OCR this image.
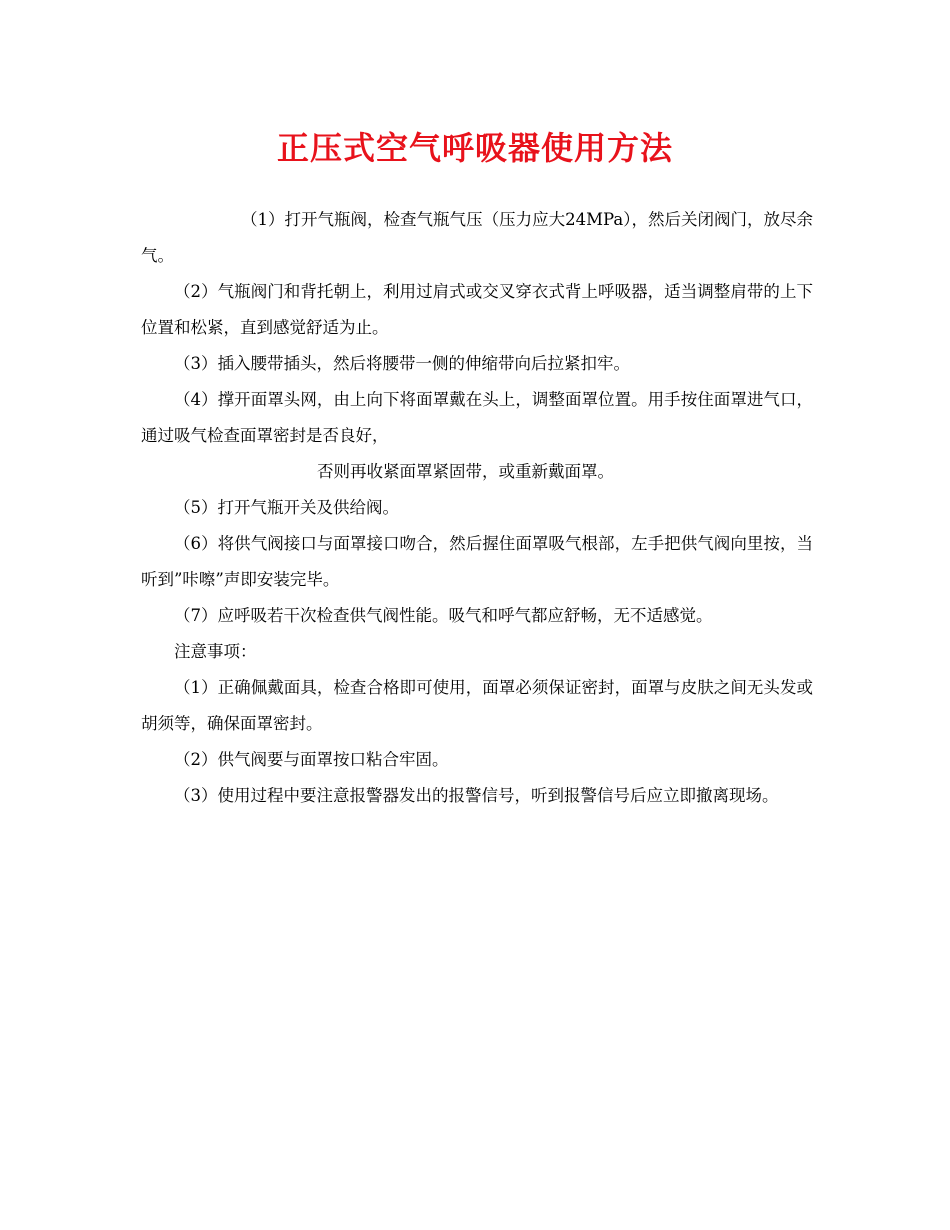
正压式空气呼吸器使用方法

（1）打开气瓶阀，检查气瓶气压（压力应大24MPa），然后关闭阀门，放尽余气。

（2）气瓶阀门和背托朝上，利用过肩式或交叉穿衣式背上呼吸器，适当调整肩带的上下位置和松紧，直到感觉舒适为止。

（3）插入腰带插头，然后将腰带一侧的伸缩带向后拉紧扣牢。

（4）撑开面罩头网，由上向下将面罩戴在头上，调整面罩位置。用手按住面罩进气口，通过吸气检查面罩密封是否良好，

否则再收紧面罩紧固带，或重新戴面罩。

（5）打开气瓶开关及供给阀。

（6）将供气阀接口与面罩接口吻合，然后握住面罩吸气根部，左手把供气阀向里按，当听到”咔嚓”声即安装完毕。

（7）应呼吸若干次检查供气阀性能。吸气和呼气都应舒畅，无不适感觉。

注意事项：

（1）正确佩戴面具，检查合格即可使用，面罩必须保证密封，面罩与皮肤之间无头发或胡须等，确保面罩密封。

（2）供气阀要与面罩按口粘合牢固。

（3）使用过程中要注意报警器发出的报警信号，听到报警信号后应立即撤离现场。
